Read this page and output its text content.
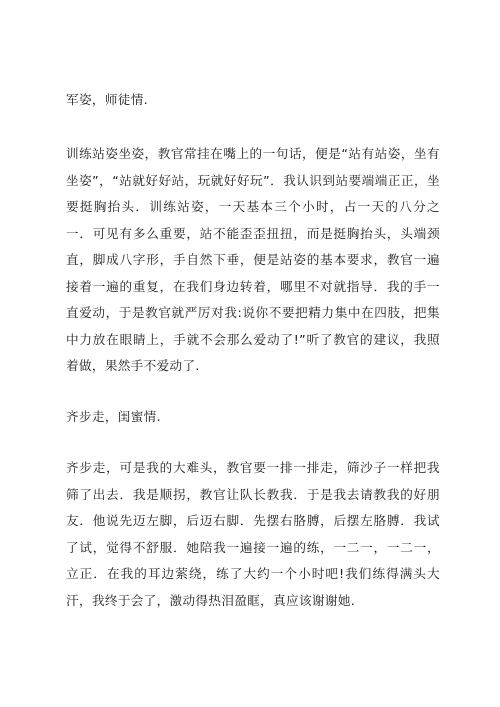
军姿，师徒情.

训练站姿坐姿，教官常挂在嘴上的一句话，便是“站有站姿，坐有坐姿”，“站就好好站，玩就好好玩”．我认识到站要端端正正，坐要挺胸抬头．训练站姿，一天基本三个小时，占一天的八分之一．可见有多么重要，站不能歪歪扭扭，而是挺胸抬头，头端颈直，脚成八字形，手自然下垂，便是站姿的基本要求，教官一遍接着一遍的重复，在我们身边转着，哪里不对就指导．我的手一直爱动，于是教官就严厉对我:说你不要把精力集中在四肢，把集中力放在眼睛上，手就不会那么爱动了!”听了教官的建议，我照着做，果然手不爱动了.

齐步走，闺蜜情.

齐步走，可是我的大难头，教官要一排一排走，筛沙子一样把我筛了出去．我是顺拐，教官让队长教我．于是我去请教我的好朋友．他说先迈左脚，后迈右脚．先摆右胳膊，后摆左胳膊．我试了试，觉得不舒服．她陪我一遍接一遍的练，一二一，一二一，立正．在我的耳边萦绕，练了大约一个小时吧!我们练得满头大汗，我终于会了，激动得热泪盈眶，真应该谢谢她.
